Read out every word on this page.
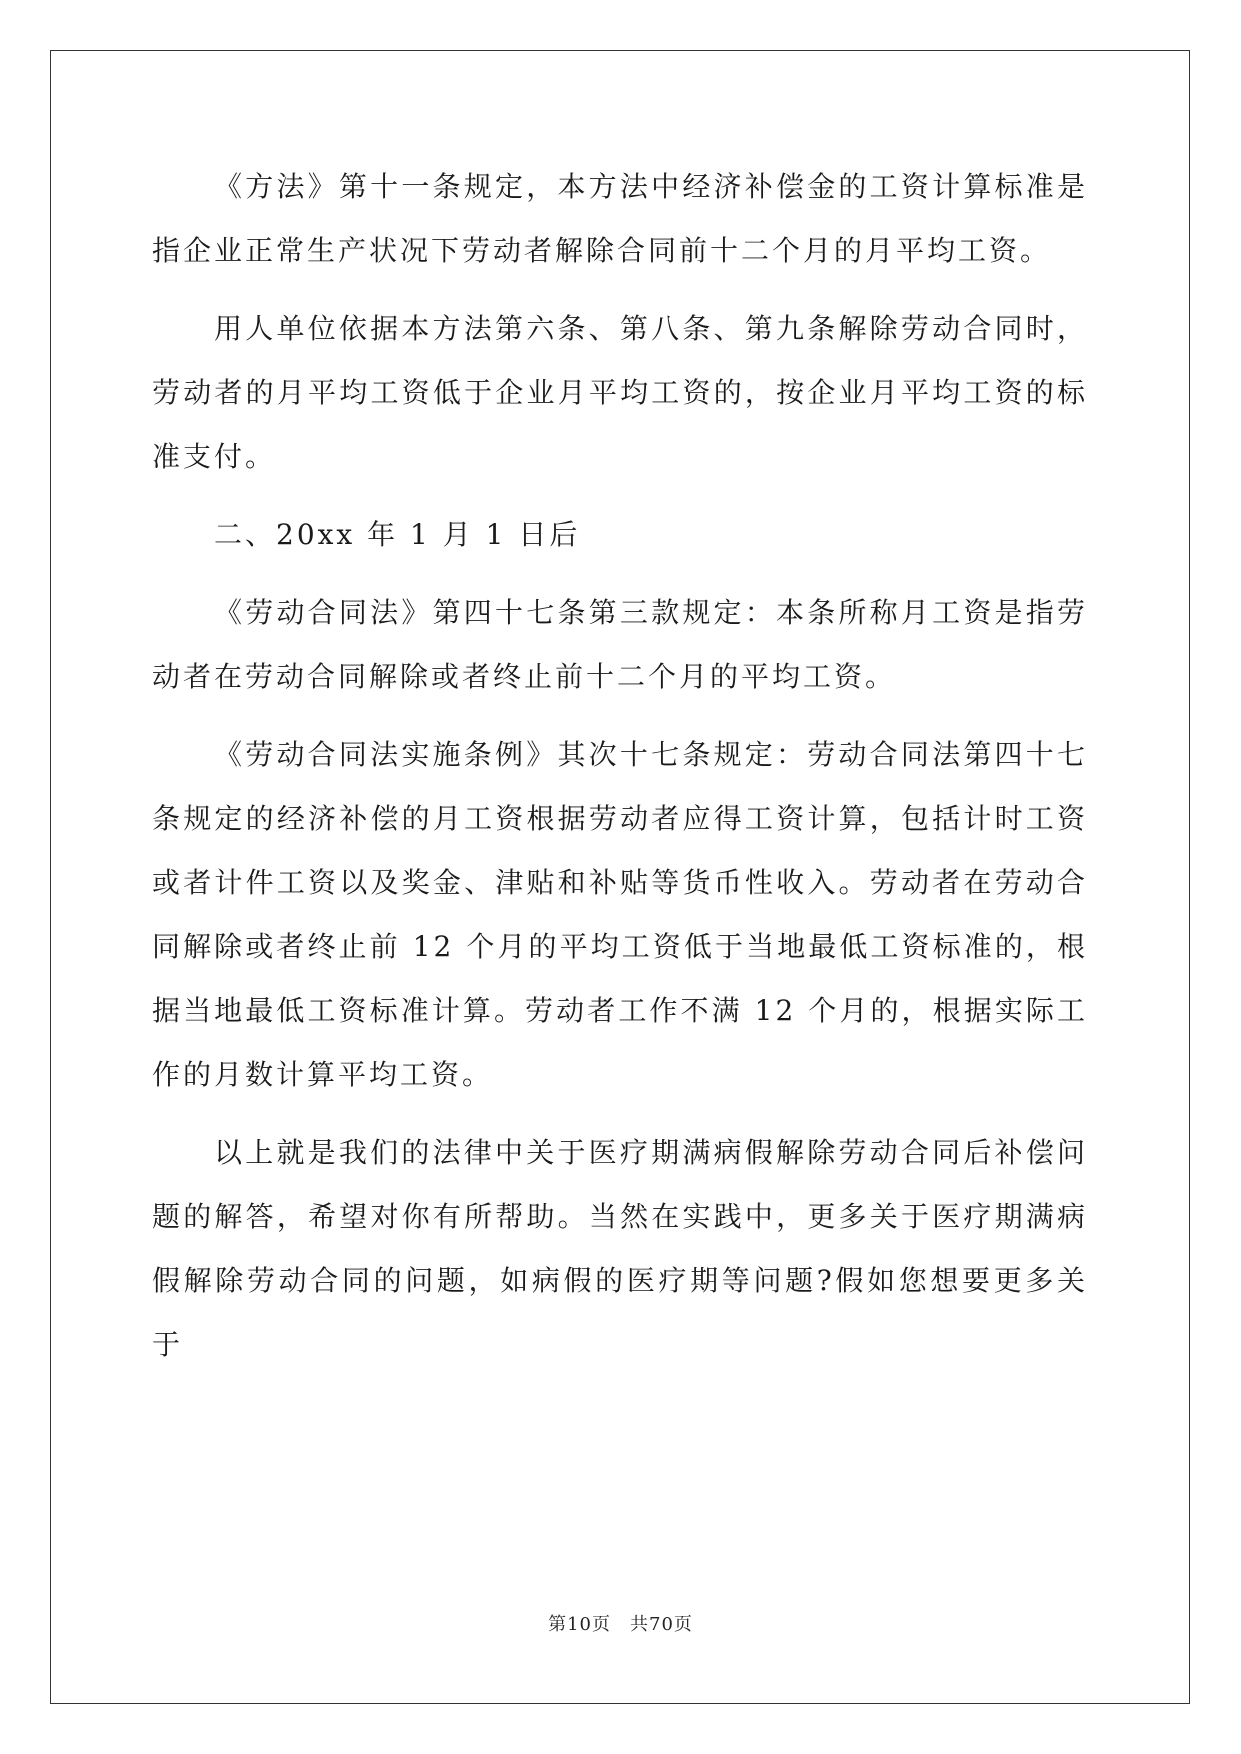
《方法》第十一条规定，本方法中经济补偿金的工资计算标准是指企业正常生产状况下劳动者解除合同前十二个月的月平均工资。

用人单位依据本方法第六条、第八条、第九条解除劳动合同时，劳动者的月平均工资低于企业月平均工资的，按企业月平均工资的标准支付。

二、20xx 年 1 月 1 日后

《劳动合同法》第四十七条第三款规定：本条所称月工资是指劳动者在劳动合同解除或者终止前十二个月的平均工资。

《劳动合同法实施条例》其次十七条规定：劳动合同法第四十七条规定的经济补偿的月工资根据劳动者应得工资计算，包括计时工资或者计件工资以及奖金、津贴和补贴等货币性收入。劳动者在劳动合同解除或者终止前 12 个月的平均工资低于当地最低工资标准的，根据当地最低工资标准计算。劳动者工作不满 12 个月的，根据实际工作的月数计算平均工资。

以上就是我们的法律中关于医疗期满病假解除劳动合同后补偿问题的解答，希望对你有所帮助。当然在实践中，更多关于医疗期满病假解除劳动合同的问题，如病假的医疗期等问题?假如您想要更多关于

第10页　共70页
